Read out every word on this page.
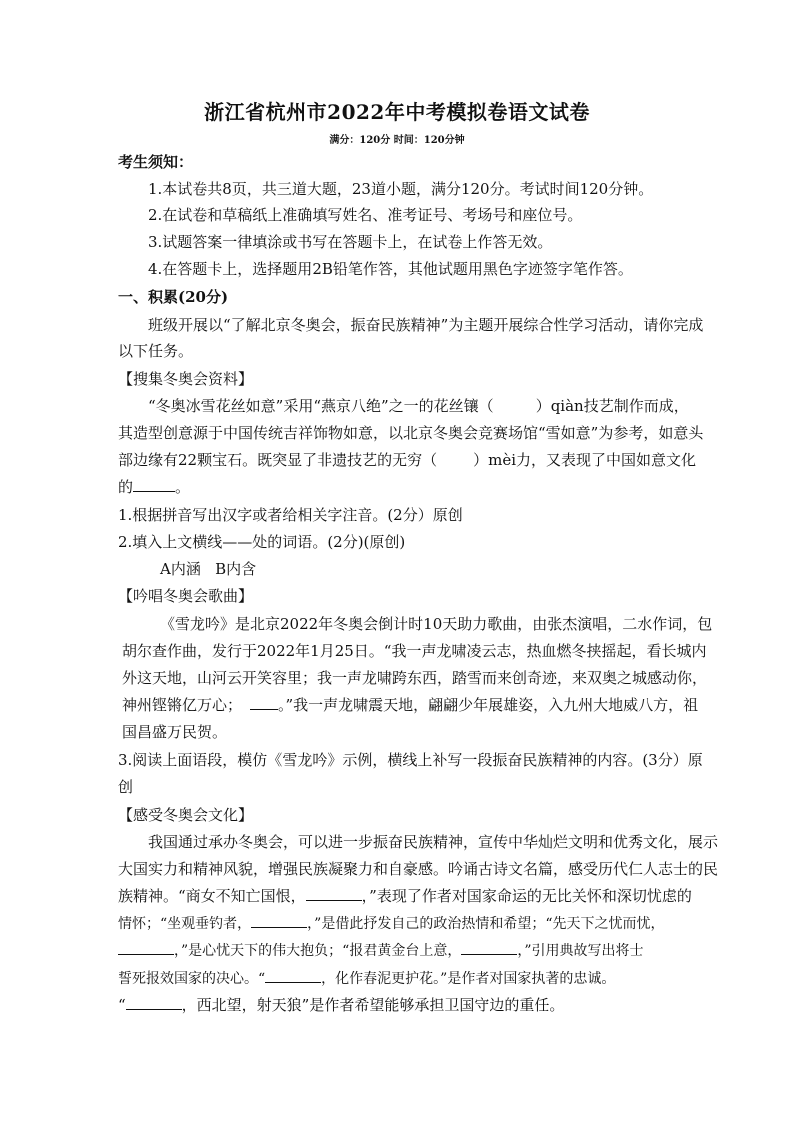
浙江省杭州市2022年中考模拟卷语文试卷
满分：120分 时间：120分钟
考生须知：
1.本试卷共8页，共三道大题，23道小题，满分120分。考试时间120分钟。
2.在试卷和草稿纸上准确填写姓名、准考证号、考场号和座位号。
3.试题答案一律填涂或书写在答题卡上，在试卷上作答无效。
4.在答题卡上，选择题用2B铅笔作答，其他试题用黑色字迹签字笔作答。
一、积累(20分)
班级开展以“了解北京冬奥会，振奋民族精神”为主题开展综合性学习活动，请你完成
以下任务。
【搜集冬奥会资料】
“冬奥冰雪花丝如意”采用“燕京八绝”之一的花丝镶（	）qiàn技艺制作而成，
其造型创意源于中国传统吉祥饰物如意，以北京冬奥会竞赛场馆“雪如意”为参考，如意头
部边缘有22颗宝石。既突显了非遗技艺的无穷（ ）mèi力，又表现了中国如意文化
的	。
1.根据拼音写出汉字或者给相关字注音。(2分）原创
2.填入上文横线——处的词语。(2分)(原创)
A内涵   B内含
【吟唱冬奥会歌曲】
《雪龙吟》是北京2022年冬奥会倒计时10天助力歌曲，由张杰演唱，二水作词，包
胡尔查作曲，发行于2022年1月25日。“我一声龙啸凌云志，热血燃冬挟摇起，看长城内
外这天地，山河云开笑容里；我一声龙啸跨东西，踏雪而来创奇迹，来双奥之城感动你，
神州铿锵亿万心； 。”我一声龙啸震天地，翩翩少年展雄姿，入九州大地威八方，祖
国昌盛万民贺。
3.阅读上面语段，模仿《雪龙吟》示例，横线上补写一段振奋民族精神的内容。(3分）原
创
【感受冬奥会文化】
我国通过承办冬奥会，可以进一步振奋民族精神，宣传中华灿烂文明和优秀文化，展示
大国实力和精神风貌，增强民族凝聚力和自豪感。吟诵古诗文名篇，感受历代仁人志士的民
族精神。“商女不知亡国恨，	，”表现了作者对国家命运的无比关怀和深切忧虑的
情怀；“坐观垂钓者，	，”是借此抒发自己的政治热情和希望；“先天下之忧而忧，
，”是心忧天下的伟大抱负；“报君黄金台上意，	，”引用典故写出将士
誓死报效国家的决心。“	，化作春泥更护花。”是作者对国家执著的忠诚。
“	，西北望，射天狼”是作者希望能够承担卫国守边的重任。
